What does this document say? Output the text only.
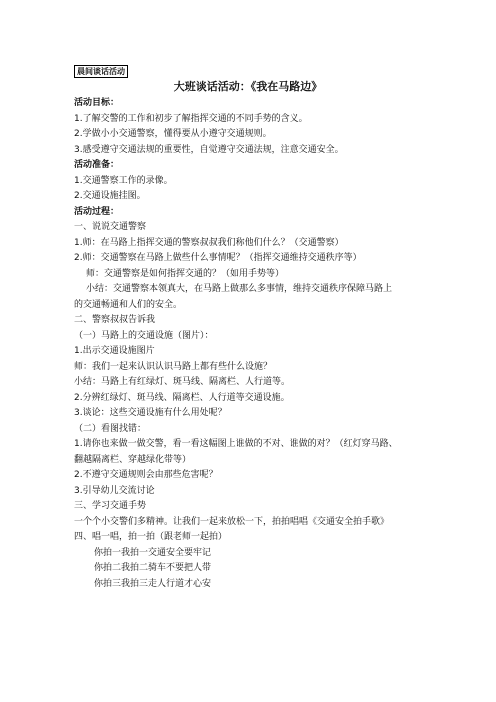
晨间谈话活动
大班谈话活动：《我在马路边》
活动目标：
1.了解交警的工作和初步了解指挥交通的不同手势的含义。
2.学做小小交通警察，懂得要从小遵守交通规则。
3.感受遵守交通法规的重要性，自觉遵守交通法规，注意交通安全。
活动准备：
1.交通警察工作的录像。
2.交通设施挂图。
活动过程：
一、说说交通警察
1.师：在马路上指挥交通的警察叔叔我们称他们什么？（交通警察）
2.师：交通警察在马路上做些什么事情呢？（指挥交通维持交通秩序等）
师：交通警察是如何指挥交通的？（如用手势等）
小结：交通警察本领真大，在马路上做那么多事情，维持交通秩序保障马路上
的交通畅通和人们的安全。
二、警察叔叔告诉我
（一）马路上的交通设施（图片）：
1.出示交通设施图片
师：我们一起来认识认识马路上都有些什么设施？
小结：马路上有红绿灯、斑马线、隔离栏、人行道等。
2.分辨红绿灯、斑马线、隔离栏、人行道等交通设施。
3.谈论：这些交通设施有什么用处呢？
（二）看图找错：
1.请你也来做一做交警，看一看这幅图上谁做的不对、谁做的对？（红灯穿马路、
翻越隔离栏、穿越绿化带等）
2.不遵守交通规则会由那些危害呢？
3.引导幼儿交流讨论
三、学习交通手势
一个个小交警们多精神。让我们一起来放松一下，拍拍唱唱《交通安全拍手歌》
四、唱一唱，拍一拍（跟老师一起拍）
你拍一我拍一交通安全要牢记
你拍二我拍二骑车不要把人带
你拍三我拍三走人行道才心安
